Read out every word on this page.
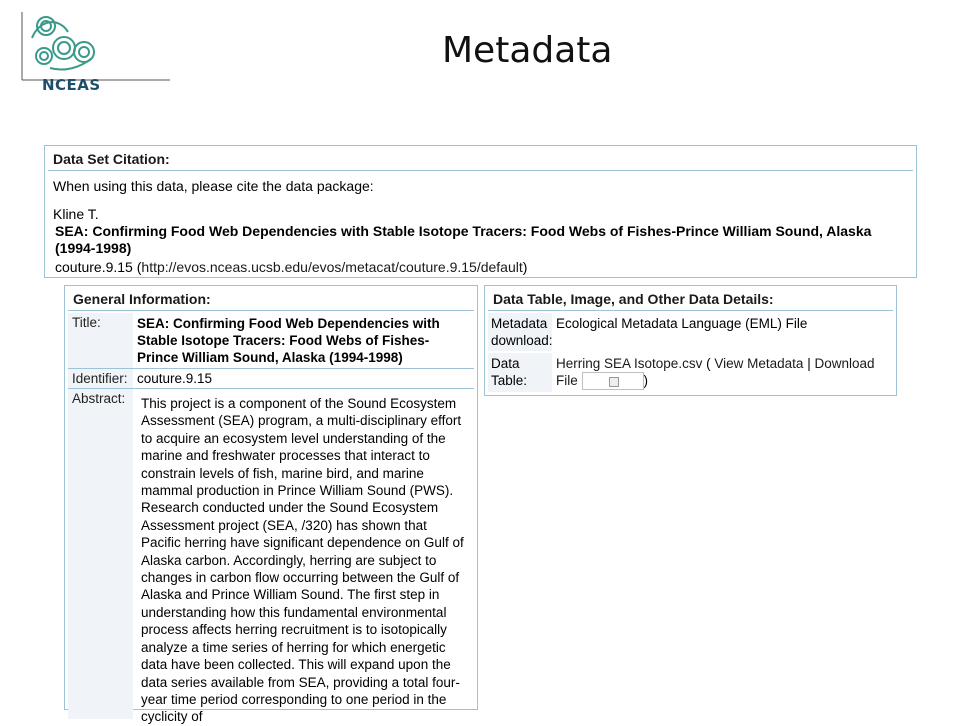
NCEAS
Metadata
Data Set Citation:
When using this data, please cite the data package:
Kline T.
SEA: Confirming Food Web Dependencies with Stable Isotope Tracers: Food Webs of Fishes-Prince William Sound, Alaska (1994-1998)
couture.9.15 (http://evos.nceas.ucsb.edu/evos/metacat/couture.9.15/default)
General Information:
Title:	SEA: Confirming Food Web Dependencies with Stable Isotope Tracers: Food Webs of Fishes-Prince William Sound, Alaska (1994-1998)
Identifier: couture.9.15
Abstract:	This project is a component of the Sound Ecosystem Assessment (SEA) program, a multi-disciplinary effort to acquire an ecosystem level understanding of the marine and freshwater processes that interact to constrain levels of fish, marine bird, and marine mammal production in Prince William Sound (PWS). Research conducted under the Sound Ecosystem Assessment project (SEA, /320) has shown that Pacific herring have significant dependence on Gulf of Alaska carbon. Accordingly, herring are subject to changes in carbon flow occurring between the Gulf of Alaska and Prince William Sound. The first step in understanding how this fundamental environmental process affects herring recruitment is to isotopically analyze a time series of herring for which energetic data have been collected. This will expand upon the data series available from SEA, providing a total four-year time period corresponding to one period in the cyclicity of
Data Table, Image, and Other Data Details:
Metadata download:
Ecological Metadata Language (EML) File
Data Table:
Herring SEA Isotope.csv ( View Metadata | Download File	)
